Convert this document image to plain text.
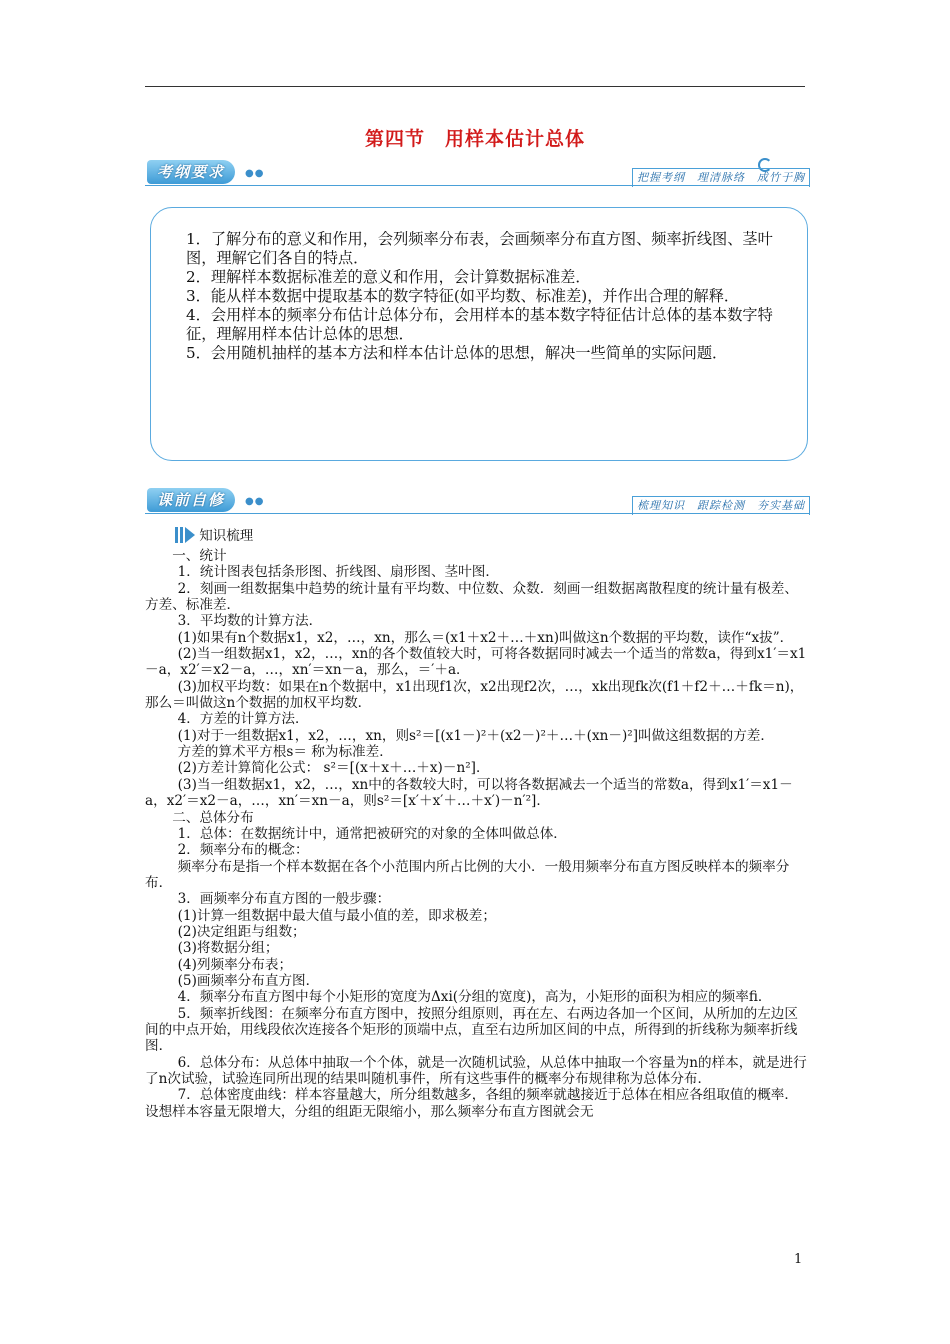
第四节　用样本估计总体
考纲要求	●●	把握考纲　理清脉络　成竹于胸

1．了解分布的意义和作用，会列频率分布表，会画频率分布直方图、频率折线图、茎叶图，理解它们各自的特点．

2．理解样本数据标准差的意义和作用，会计算数据标准差．

3．能从样本数据中提取基本的数字特征(如平均数、标准差)，并作出合理的解释．

4．会用样本的频率分布估计总体分布，会用样本的基本数字特征估计总体的基本数字特征，理解用样本估计总体的思想．

5．会用随机抽样的基本方法和样本估计总体的思想，解决一些简单的实际问题．

课前自修	●●	梳理知识　跟踪检测　夯实基础
知识梳理

一、统计

1．统计图表包括条形图、折线图、扇形图、茎叶图．

2．刻画一组数据集中趋势的统计量有平均数、中位数、众数．刻画一组数据离散程度的统计量有极差、方差、标准差．

3．平均数的计算方法．

(1)如果有n个数据x1，x2，…，xn，那么＝(x1＋x2＋…＋xn)叫做这n个数据的平均数，读作“x拔”．

(2)当一组数据x1，x2，…，xn的各个数值较大时，可将各数据同时减去一个适当的常数a，得到x1′＝x1－a，x2′＝x2－a，…，xn′＝xn－a，那么，＝′＋a．

(3)加权平均数：如果在n个数据中，x1出现f1次，x2出现f2次，…，xk出现fk次(f1＋f2＋…＋fk＝n)，那么＝叫做这n个数据的加权平均数．

4．方差的计算方法．

(1)对于一组数据x1，x2，…，xn，则s²＝[(x1－)²＋(x2－)²＋…＋(xn－)²]叫做这组数据的方差．

方差的算术平方根s＝ 称为标准差．

(2)方差计算简化公式： s²＝[(x＋x＋…＋x)－n²]．

(3)当一组数据x1，x2，…，xn中的各数较大时，可以将各数据减去一个适当的常数a，得到x1′＝x1－a，x2′＝x2－a，…，xn′＝xn－a，则s²＝[x′＋x′＋…＋x′)－n′²]．

二、总体分布

1．总体：在数据统计中，通常把被研究的对象的全体叫做总体．

2．频率分布的概念：

频率分布是指一个样本数据在各个小范围内所占比例的大小．一般用频率分布直方图反映样本的频率分布．

3．画频率分布直方图的一般步骤：

(1)计算一组数据中最大值与最小值的差，即求极差；

(2)决定组距与组数；

(3)将数据分组；

(4)列频率分布表；

(5)画频率分布直方图．

4．频率分布直方图中每个小矩形的宽度为Δxi(分组的宽度)，高为，小矩形的面积为相应的频率fi．

5．频率折线图：在频率分布直方图中，按照分组原则，再在左、右两边各加一个区间，从所加的左边区间的中点开始，用线段依次连接各个矩形的顶端中点，直至右边所加区间的中点，所得到的折线称为频率折线图．

6．总体分布：从总体中抽取一个个体，就是一次随机试验，从总体中抽取一个容量为n的样本，就是进行了n次试验，试验连同所出现的结果叫随机事件，所有这些事件的概率分布规律称为总体分布．

7．总体密度曲线：样本容量越大，所分组数越多，各组的频率就越接近于总体在相应各组取值的概率．设想样本容量无限增大，分组的组距无限缩小，那么频率分布直方图就会无

1
